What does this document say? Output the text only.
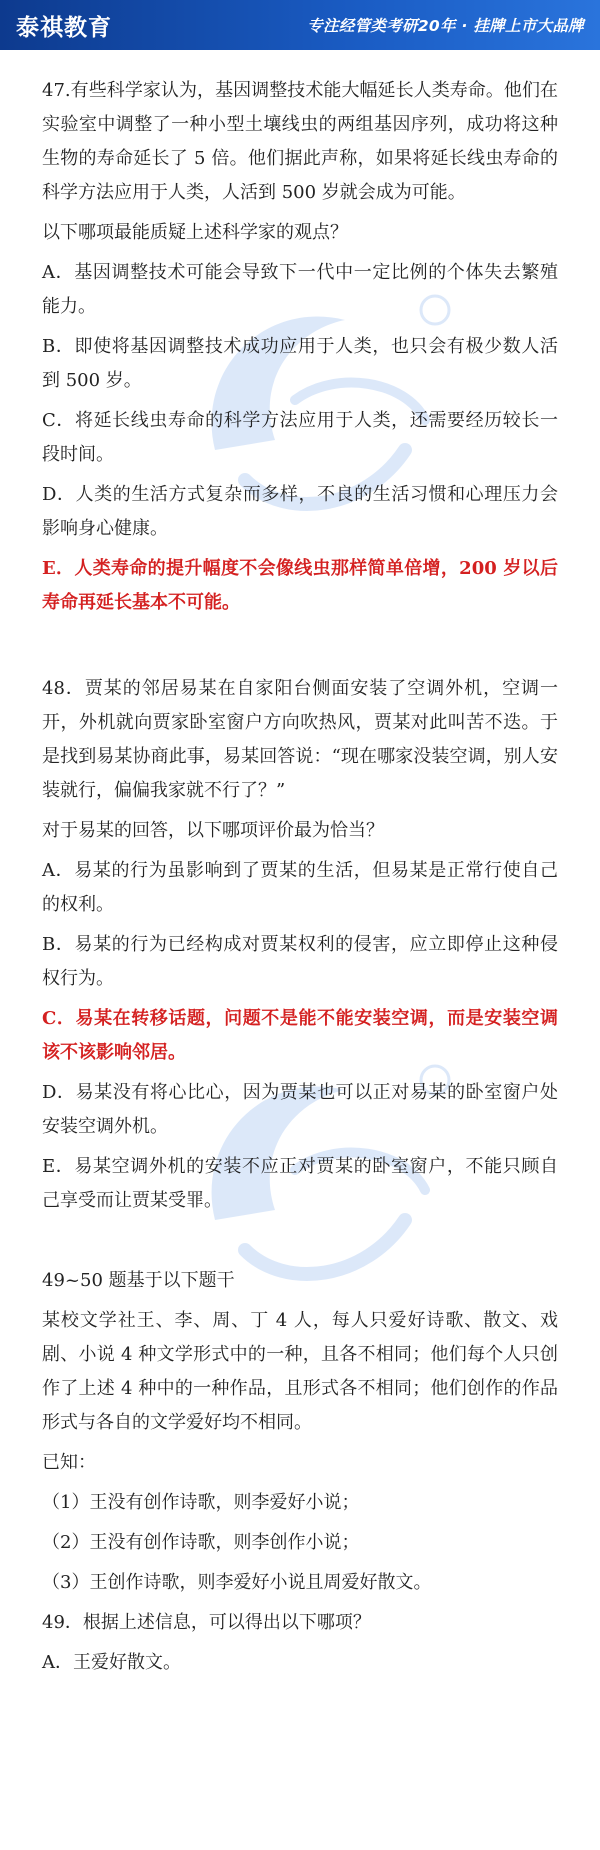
泰祺教育	专注经管类考研20年 · 挂牌上市大品牌

47.有些科学家认为，基因调整技术能大幅延长人类寿命。他们在实验室中调整了一种小型土壤线虫的两组基因序列，成功将这种生物的寿命延长了 5 倍。他们据此声称，如果将延长线虫寿命的科学方法应用于人类，人活到 500 岁就会成为可能。

以下哪项最能质疑上述科学家的观点？

A．基因调整技术可能会导致下一代中一定比例的个体失去繁殖能力。

B．即使将基因调整技术成功应用于人类，也只会有极少数人活到 500 岁。

C．将延长线虫寿命的科学方法应用于人类，还需要经历较长一段时间。

D．人类的生活方式复杂而多样，不良的生活习惯和心理压力会影响身心健康。

E．人类寿命的提升幅度不会像线虫那样简单倍增，200 岁以后寿命再延长基本不可能。

48．贾某的邻居易某在自家阳台侧面安装了空调外机，空调一开，外机就向贾家卧室窗户方向吹热风，贾某对此叫苦不迭。于是找到易某协商此事，易某回答说：“现在哪家没装空调，别人安装就行，偏偏我家就不行了？”

对于易某的回答，以下哪项评价最为恰当？

A．易某的行为虽影响到了贾某的生活，但易某是正常行使自己的权利。

B．易某的行为已经构成对贾某权利的侵害，应立即停止这种侵权行为。

C．易某在转移话题，问题不是能不能安装空调，而是安装空调该不该影响邻居。

D．易某没有将心比心，因为贾某也可以正对易某的卧室窗户处安装空调外机。

E．易某空调外机的安装不应正对贾某的卧室窗户，不能只顾自己享受而让贾某受罪。

49~50 题基于以下题干

某校文学社王、李、周、丁 4 人，每人只爱好诗歌、散文、戏剧、小说 4 种文学形式中的一种，且各不相同；他们每个人只创作了上述 4 种中的一种作品，且形式各不相同；他们创作的作品形式与各自的文学爱好均不相同。

已知：

（1）王没有创作诗歌，则李爱好小说；

（2）王没有创作诗歌，则李创作小说；

（3）王创作诗歌，则李爱好小说且周爱好散文。

49．根据上述信息，可以得出以下哪项？

A．王爱好散文。
